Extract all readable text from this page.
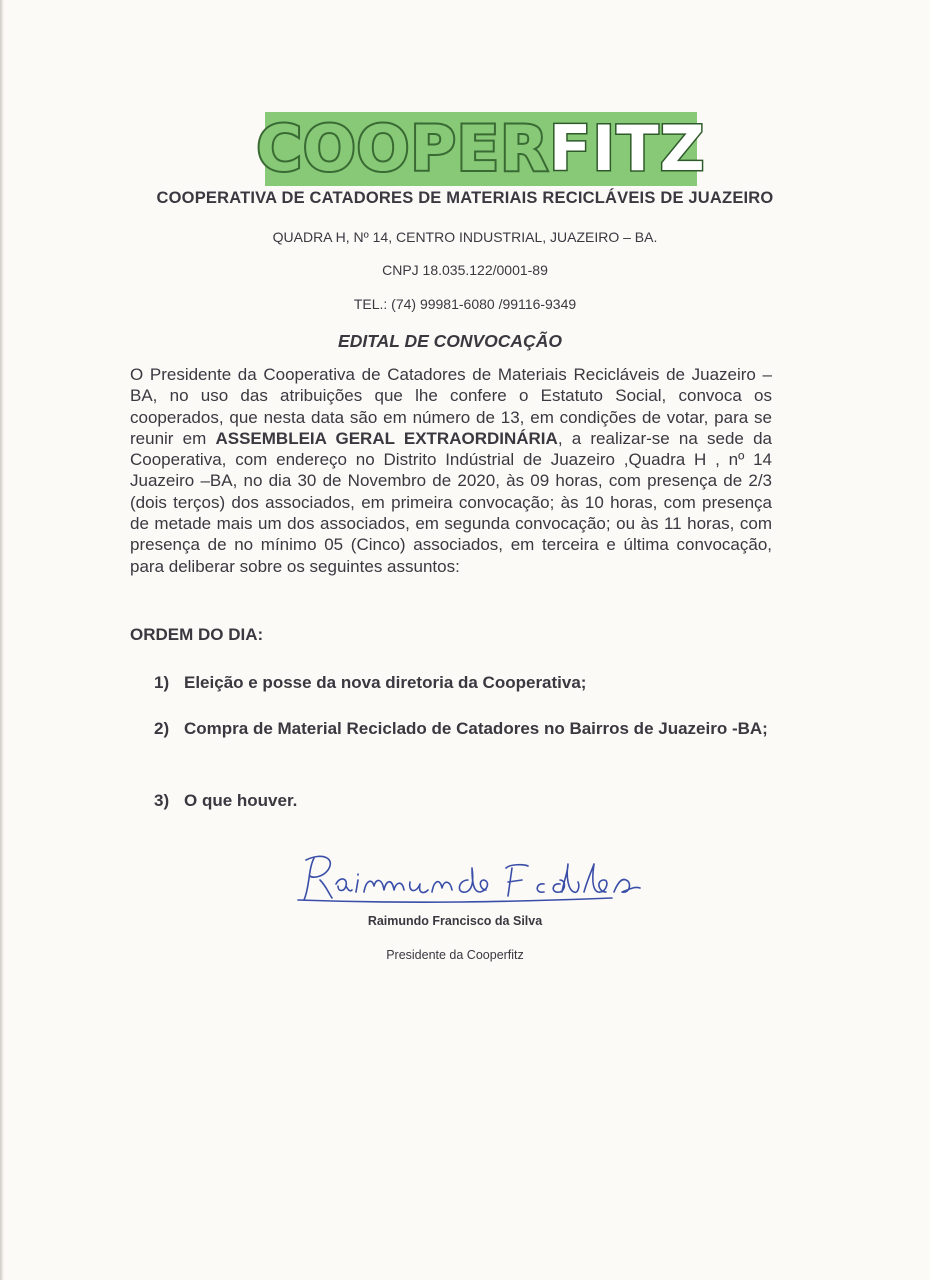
COOPERFITZ
COOPERATIVA DE CATADORES DE MATERIAIS RECICLÁVEIS DE JUAZEIRO
QUADRA H, Nº 14, CENTRO INDUSTRIAL, JUAZEIRO – BA.
CNPJ 18.035.122/0001-89
TEL.: (74) 99981-6080 /99116-9349
EDITAL DE CONVOCAÇÃO
O Presidente da Cooperativa de Catadores de Materiais Recicláveis de Juazeiro –BA, no uso das atribuições que lhe confere o Estatuto Social, convoca os cooperados, que nesta data são em número de 13, em condições de votar, para se reunir em ASSEMBLEIA GERAL EXTRAORDINÁRIA, a realizar-se na sede da Cooperativa, com endereço no Distrito Indústrial de Juazeiro ,Quadra H , nº 14 Juazeiro –BA, no dia 30 de Novembro de 2020, às 09 horas, com presença de 2/3 (dois terços) dos associados, em primeira convocação; às 10 horas, com presença de metade mais um dos associados, em segunda convocação; ou às 11 horas, com presença de no mínimo 05 (Cinco) associados, em terceira e última convocação, para deliberar sobre os seguintes assuntos:
ORDEM DO DIA:
1) Eleição e posse da nova diretoria da Cooperativa;
2) Compra de Material Reciclado de Catadores no Bairros de Juazeiro -BA;
3) O que houver.
Raimundo Francisco da Silva
Presidente da Cooperfitz
